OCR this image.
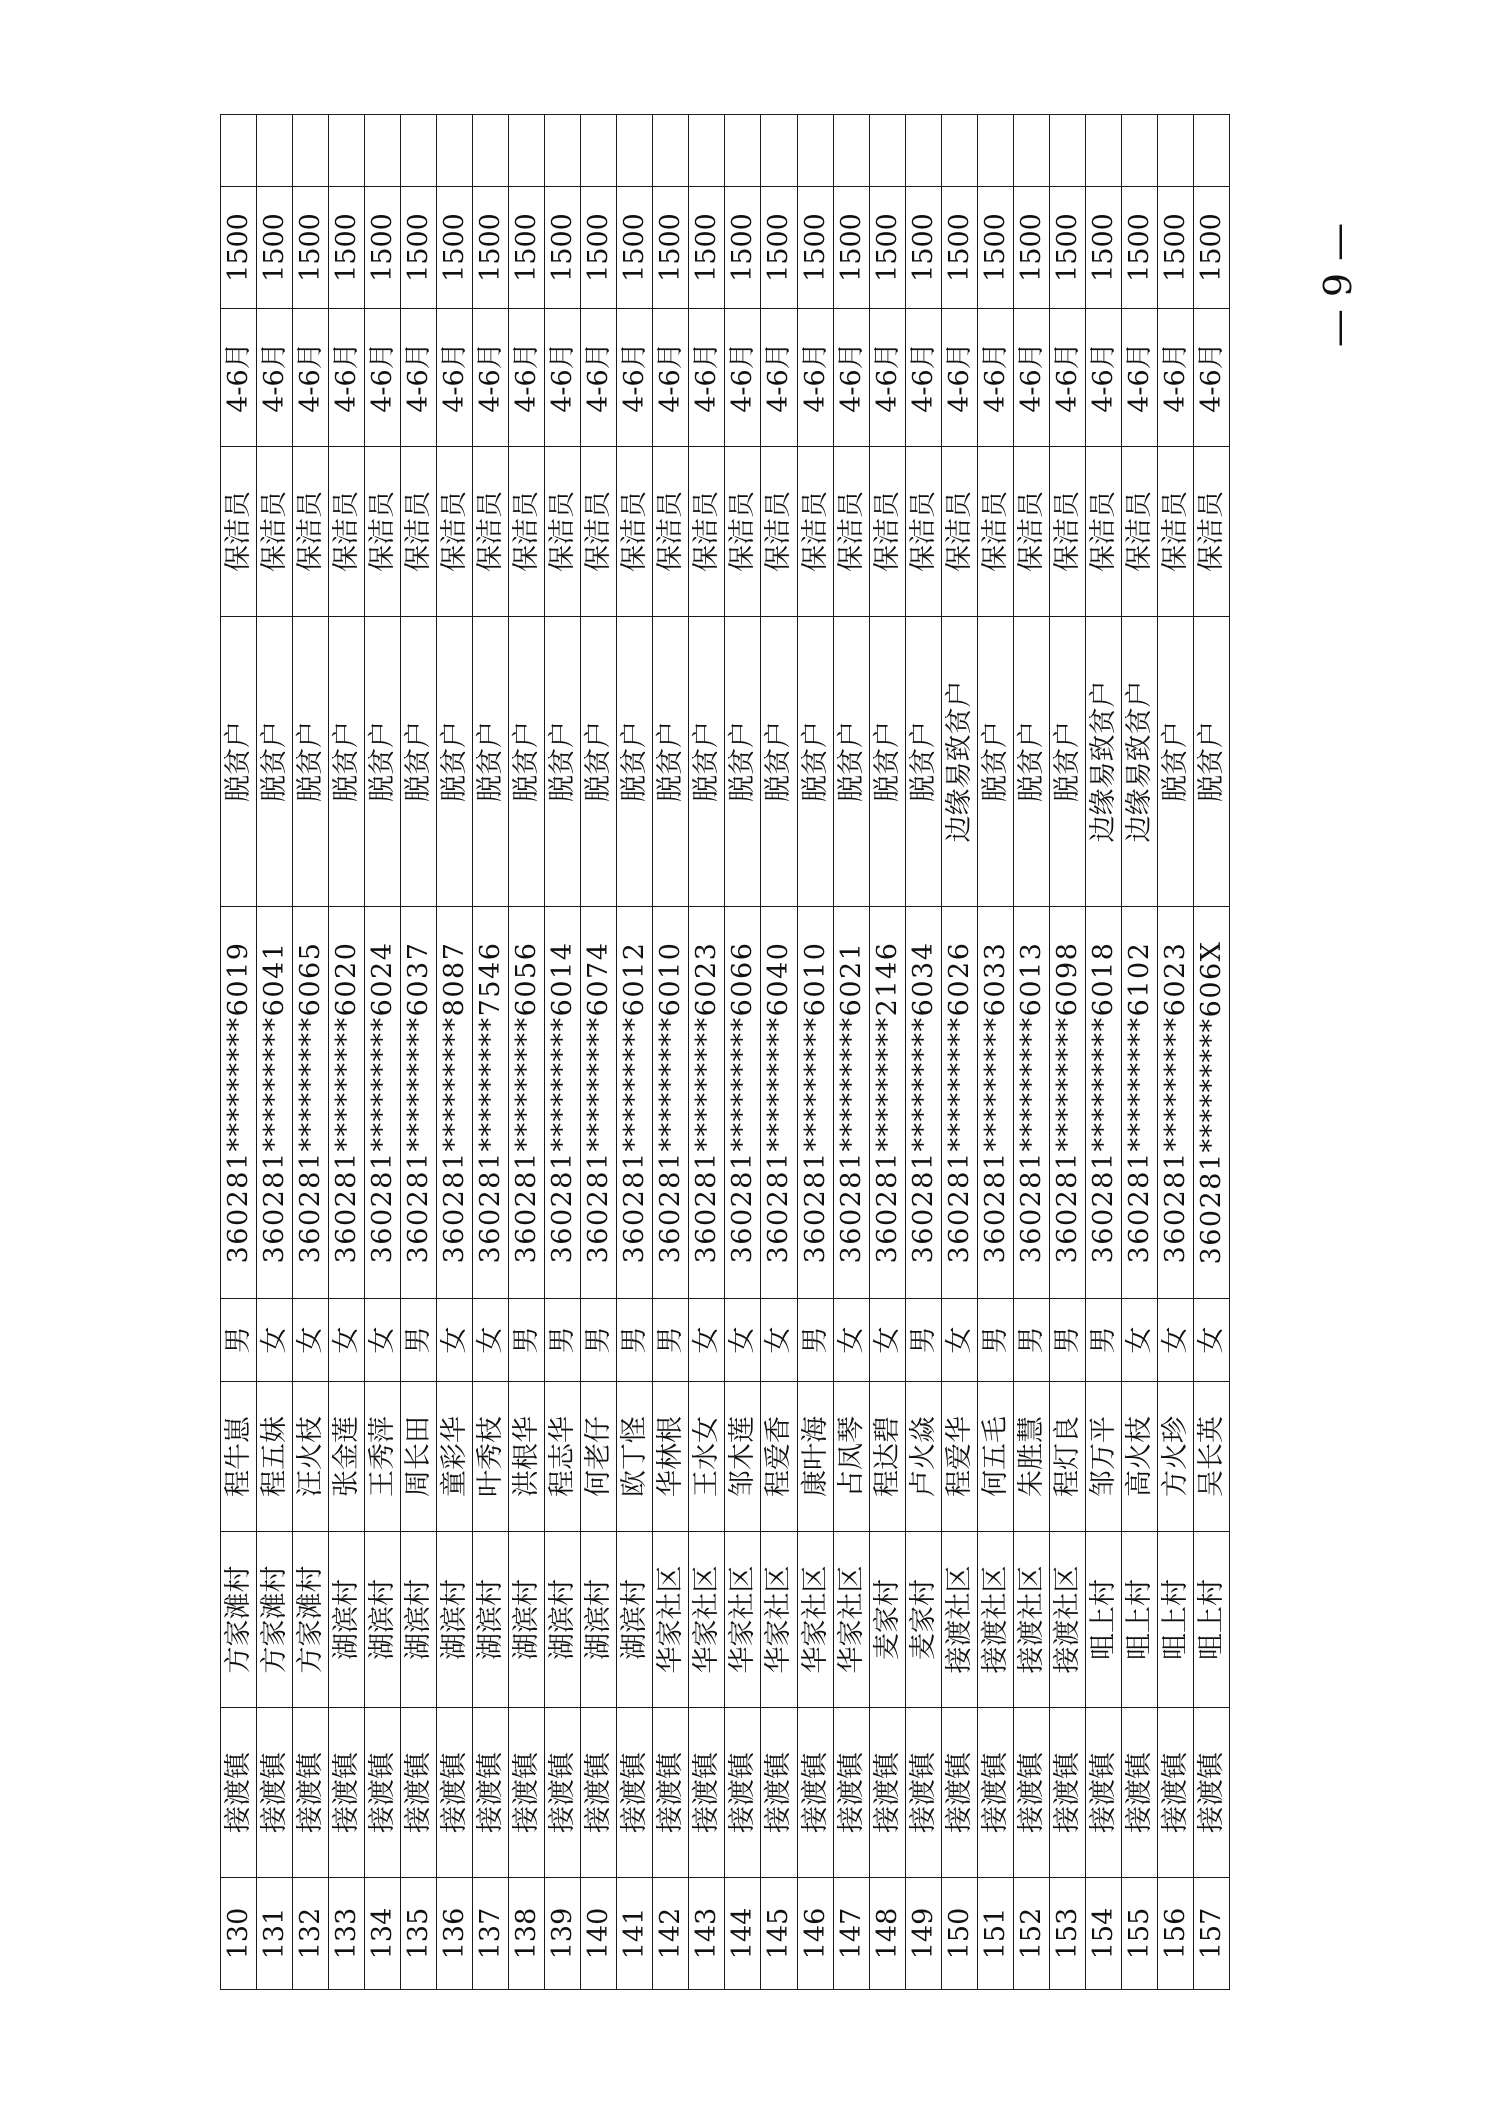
130	接渡镇	方家滩村	程牛崽	男	360281*********6019	脱贫户	保洁员	4-6月	1500	
131	接渡镇	方家滩村	程五妹	女	360281*********6041	脱贫户	保洁员	4-6月	1500	
132	接渡镇	方家滩村	汪火枝	女	360281*********6065	脱贫户	保洁员	4-6月	1500	
133	接渡镇	湖滨村	张金莲	女	360281*********6020	脱贫户	保洁员	4-6月	1500	
134	接渡镇	湖滨村	王秀萍	女	360281*********6024	脱贫户	保洁员	4-6月	1500	
135	接渡镇	湖滨村	周长田	男	360281*********6037	脱贫户	保洁员	4-6月	1500	
136	接渡镇	湖滨村	童彩华	女	360281*********8087	脱贫户	保洁员	4-6月	1500	
137	接渡镇	湖滨村	叶秀枝	女	360281*********7546	脱贫户	保洁员	4-6月	1500	
138	接渡镇	湖滨村	洪根华	男	360281*********6056	脱贫户	保洁员	4-6月	1500	
139	接渡镇	湖滨村	程志华	男	360281*********6014	脱贫户	保洁员	4-6月	1500	
140	接渡镇	湖滨村	何老仔	男	360281*********6074	脱贫户	保洁员	4-6月	1500	
141	接渡镇	湖滨村	欧丁怪	男	360281*********6012	脱贫户	保洁员	4-6月	1500	
142	接渡镇	华家社区	华林根	男	360281*********6010	脱贫户	保洁员	4-6月	1500	
143	接渡镇	华家社区	王水女	女	360281*********6023	脱贫户	保洁员	4-6月	1500	
144	接渡镇	华家社区	邹木莲	女	360281*********6066	脱贫户	保洁员	4-6月	1500	
145	接渡镇	华家社区	程爱香	女	360281*********6040	脱贫户	保洁员	4-6月	1500	
146	接渡镇	华家社区	康叶海	男	360281*********6010	脱贫户	保洁员	4-6月	1500	
147	接渡镇	华家社区	占凤琴	女	360281*********6021	脱贫户	保洁员	4-6月	1500	
148	接渡镇	麦家村	程达碧	女	360281*********2146	脱贫户	保洁员	4-6月	1500	
149	接渡镇	麦家村	卢火焱	男	360281*********6034	脱贫户	保洁员	4-6月	1500	
150	接渡镇	接渡社区	程爱华	女	360281*********6026	边缘易致贫户	保洁员	4-6月	1500	
151	接渡镇	接渡社区	何五毛	男	360281*********6033	脱贫户	保洁员	4-6月	1500	
152	接渡镇	接渡社区	朱胜慧	男	360281*********6013	脱贫户	保洁员	4-6月	1500	
153	接渡镇	接渡社区	程灯良	男	360281*********6098	脱贫户	保洁员	4-6月	1500	
154	接渡镇	咀上村	邹万平	男	360281*********6018	边缘易致贫户	保洁员	4-6月	1500	
155	接渡镇	咀上村	高火枝	女	360281*********6102	边缘易致贫户	保洁员	4-6月	1500	
156	接渡镇	咀上村	方火珍	女	360281*********6023	脱贫户	保洁员	4-6月	1500	
157	接渡镇	咀上村	吴长英	女	360281*********606X	脱贫户	保洁员	4-6月	1500	— 9 —
